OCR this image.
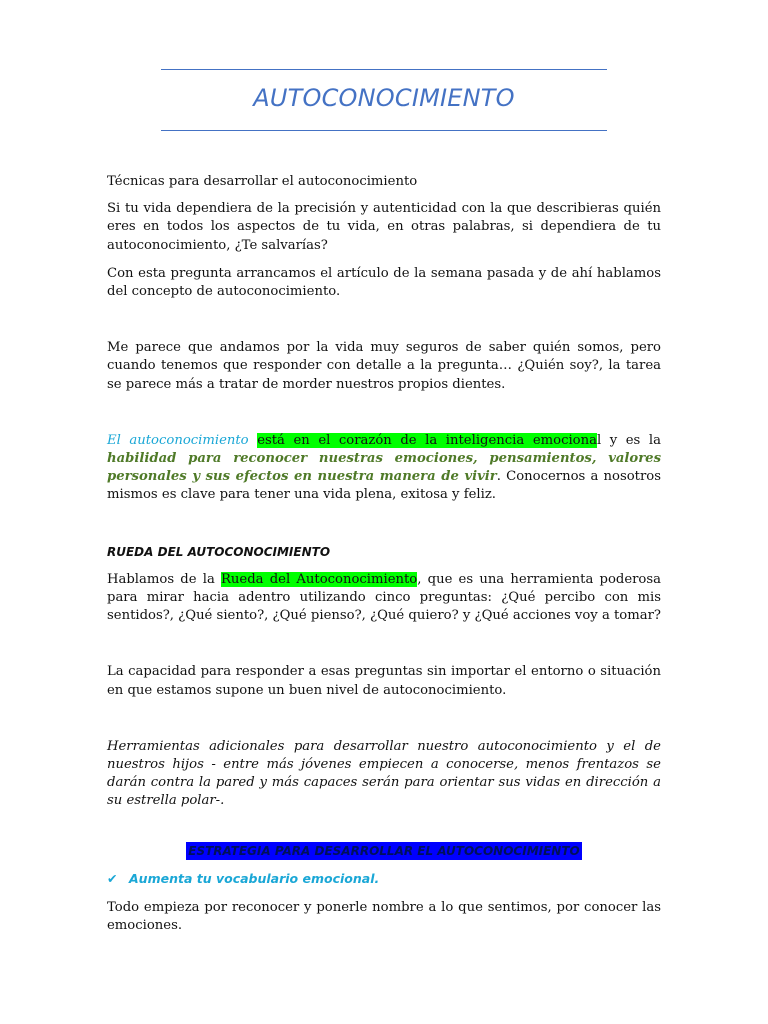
AUTOCONOCIMIENTO

Técnicas para desarrollar el autoconocimiento

Si tu vida dependiera de la precisión y autenticidad con la que describieras quién eres en todos los aspectos de tu vida, en otras palabras, si dependiera de tu autoconocimiento, ¿Te salvarías?

Con esta pregunta arrancamos el artículo de la semana pasada y de ahí hablamos del concepto de autoconocimiento.

Me parece que andamos por la vida muy seguros de saber quién somos, pero cuando tenemos que responder con detalle a la pregunta… ¿Quién soy?, la tarea se parece más a tratar de morder nuestros propios dientes.

El autoconocimiento está en el corazón de la inteligencia emocional y es la habilidad para reconocer nuestras emociones, pensamientos, valores personales y sus efectos en nuestra manera de vivir. Conocernos a nosotros mismos es clave para tener una vida plena, exitosa y feliz.

RUEDA DEL AUTOCONOCIMIENTO

Hablamos de la Rueda del Autoconocimiento, que es una herramienta poderosa para mirar hacia adentro utilizando cinco preguntas: ¿Qué percibo con mis sentidos?, ¿Qué siento?, ¿Qué pienso?, ¿Qué quiero? y ¿Qué acciones voy a tomar?

La capacidad para responder a esas preguntas sin importar el entorno o situación en que estamos supone un buen nivel de autoconocimiento.

Herramientas adicionales para desarrollar nuestro autoconocimiento y el de nuestros hijos - entre más jóvenes empiecen a conocerse, menos frentazos se darán contra la pared y más capaces serán para orientar sus vidas en dirección a su estrella polar-.

ESTRATEGIA PARA DESARROLLAR EL AUTOCONOCIMIENTO

✔ Aumenta tu vocabulario emocional.

Todo empieza por reconocer y ponerle nombre a lo que sentimos, por conocer las emociones.
